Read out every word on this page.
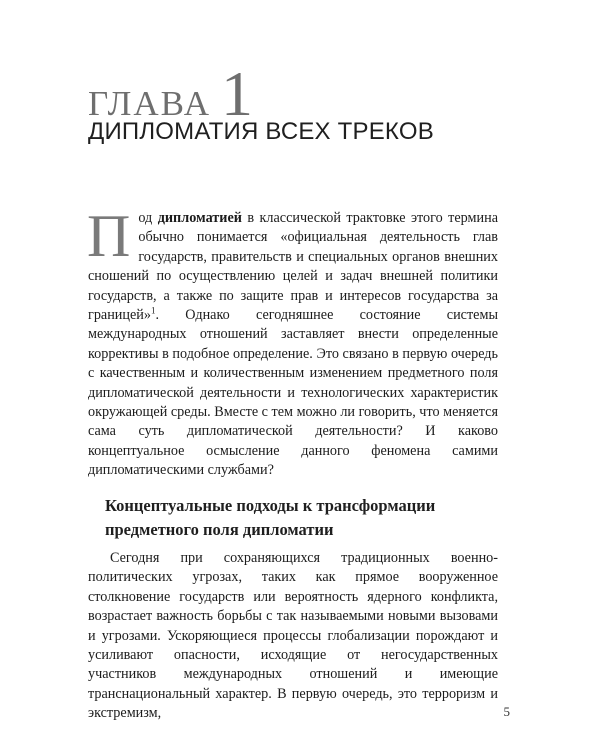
ГЛАВА 1
ДИПЛОМАТИЯ ВСЕХ ТРЕКОВ
П од дипломатией в классической трактовке этого термина обычно понимается «официальная деятельность глав государств, правительств и специальных органов внешних сношений по осуществлению целей и задач внешней политики государств, а также по защите прав и интересов государства за границей»$^1$. Однако сегодняшнее состояние системы международных отношений заставляет внести определенные коррективы в подобное определение. Это связано в первую очередь с качественным и количественным изменением предметного поля дипломатической деятельности и технологических характеристик окружающей среды. Вместе с тем можно ли говорить, что меняется сама суть дипломатической деятельности? И каково концептуальное осмысление данного феномена самими дипломатическими службами?

Концептуальные подходы к трансформации предметного поля дипломатии

Сегодня при сохраняющихся традиционных военно-политических угрозах, таких как прямое вооруженное столкновение государств или вероятность ядерного конфликта, возрастает важность борьбы с так называемыми новыми вызовами и угрозами. Ускоряющиеся процессы глобализации порождают и усиливают опасности, исходящие от негосударственных участников международных отношений и имеющие транснациональный характер. В первую очередь, это терроризм и экстремизм,	5
